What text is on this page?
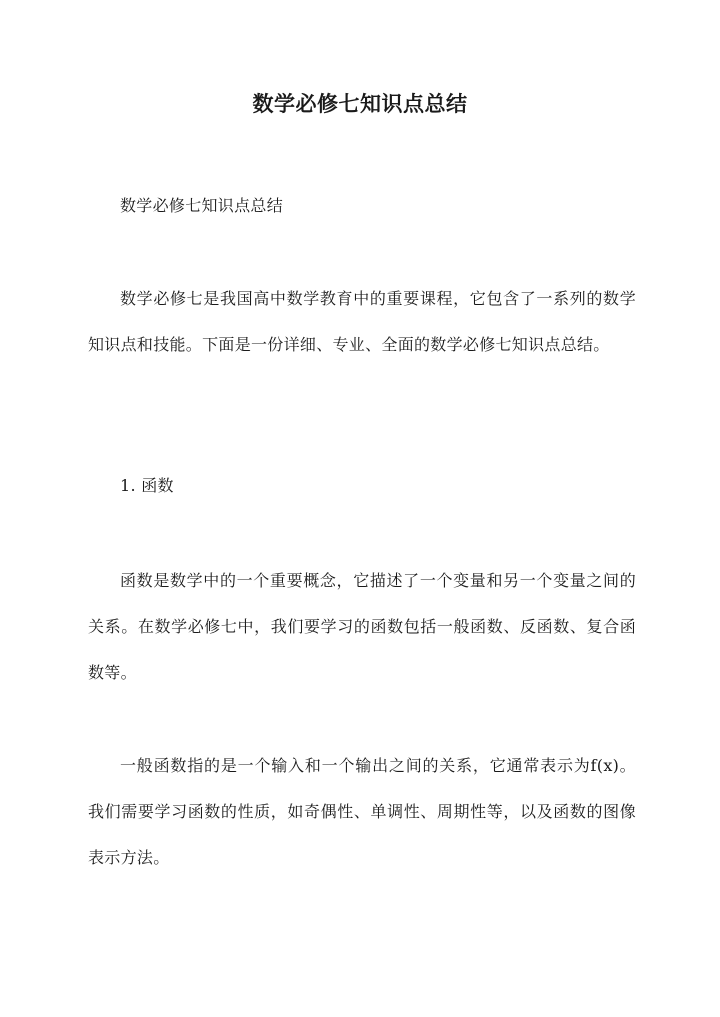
数学必修七知识点总结

数学必修七知识点总结

数学必修七是我国高中数学教育中的重要课程，它包含了一系列的数学知识点和技能。下面是一份详细、专业、全面的数学必修七知识点总结。

1. 函数

函数是数学中的一个重要概念，它描述了一个变量和另一个变量之间的关系。在数学必修七中，我们要学习的函数包括一般函数、反函数、复合函数等。

一般函数指的是一个输入和一个输出之间的关系，它通常表示为f(x)。我们需要学习函数的性质，如奇偶性、单调性、周期性等，以及函数的图像表示方法。
